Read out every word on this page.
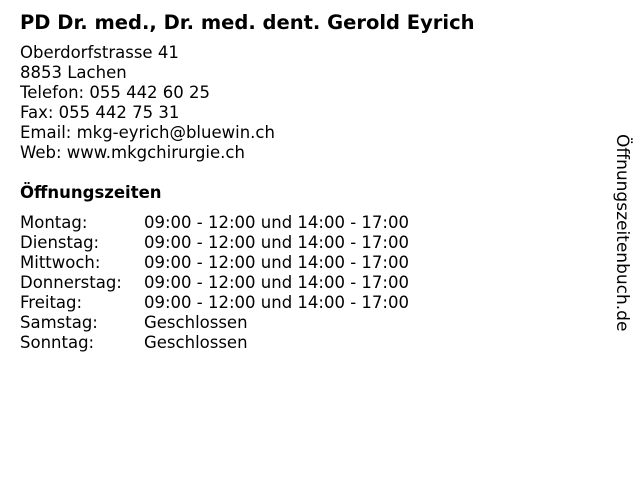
PD Dr. med., Dr. med. dent. Gerold Eyrich
Oberdorfstrasse 41
8853 Lachen
Telefon: 055 442 60 25
Fax: 055 442 75 31
Email: mkg-eyrich@bluewin.ch
Web: www.mkgchirurgie.ch
Öffnungszeiten
Montag:	09:00 - 12:00 und 14:00 - 17:00
Dienstag:	09:00 - 12:00 und 14:00 - 17:00
Mittwoch:	09:00 - 12:00 und 14:00 - 17:00
Donnerstag:	09:00 - 12:00 und 14:00 - 17:00
Freitag:	09:00 - 12:00 und 14:00 - 17:00
Samstag:	Geschlossen
Sonntag:	Geschlossen
Öffnungszeitenbuch.de
